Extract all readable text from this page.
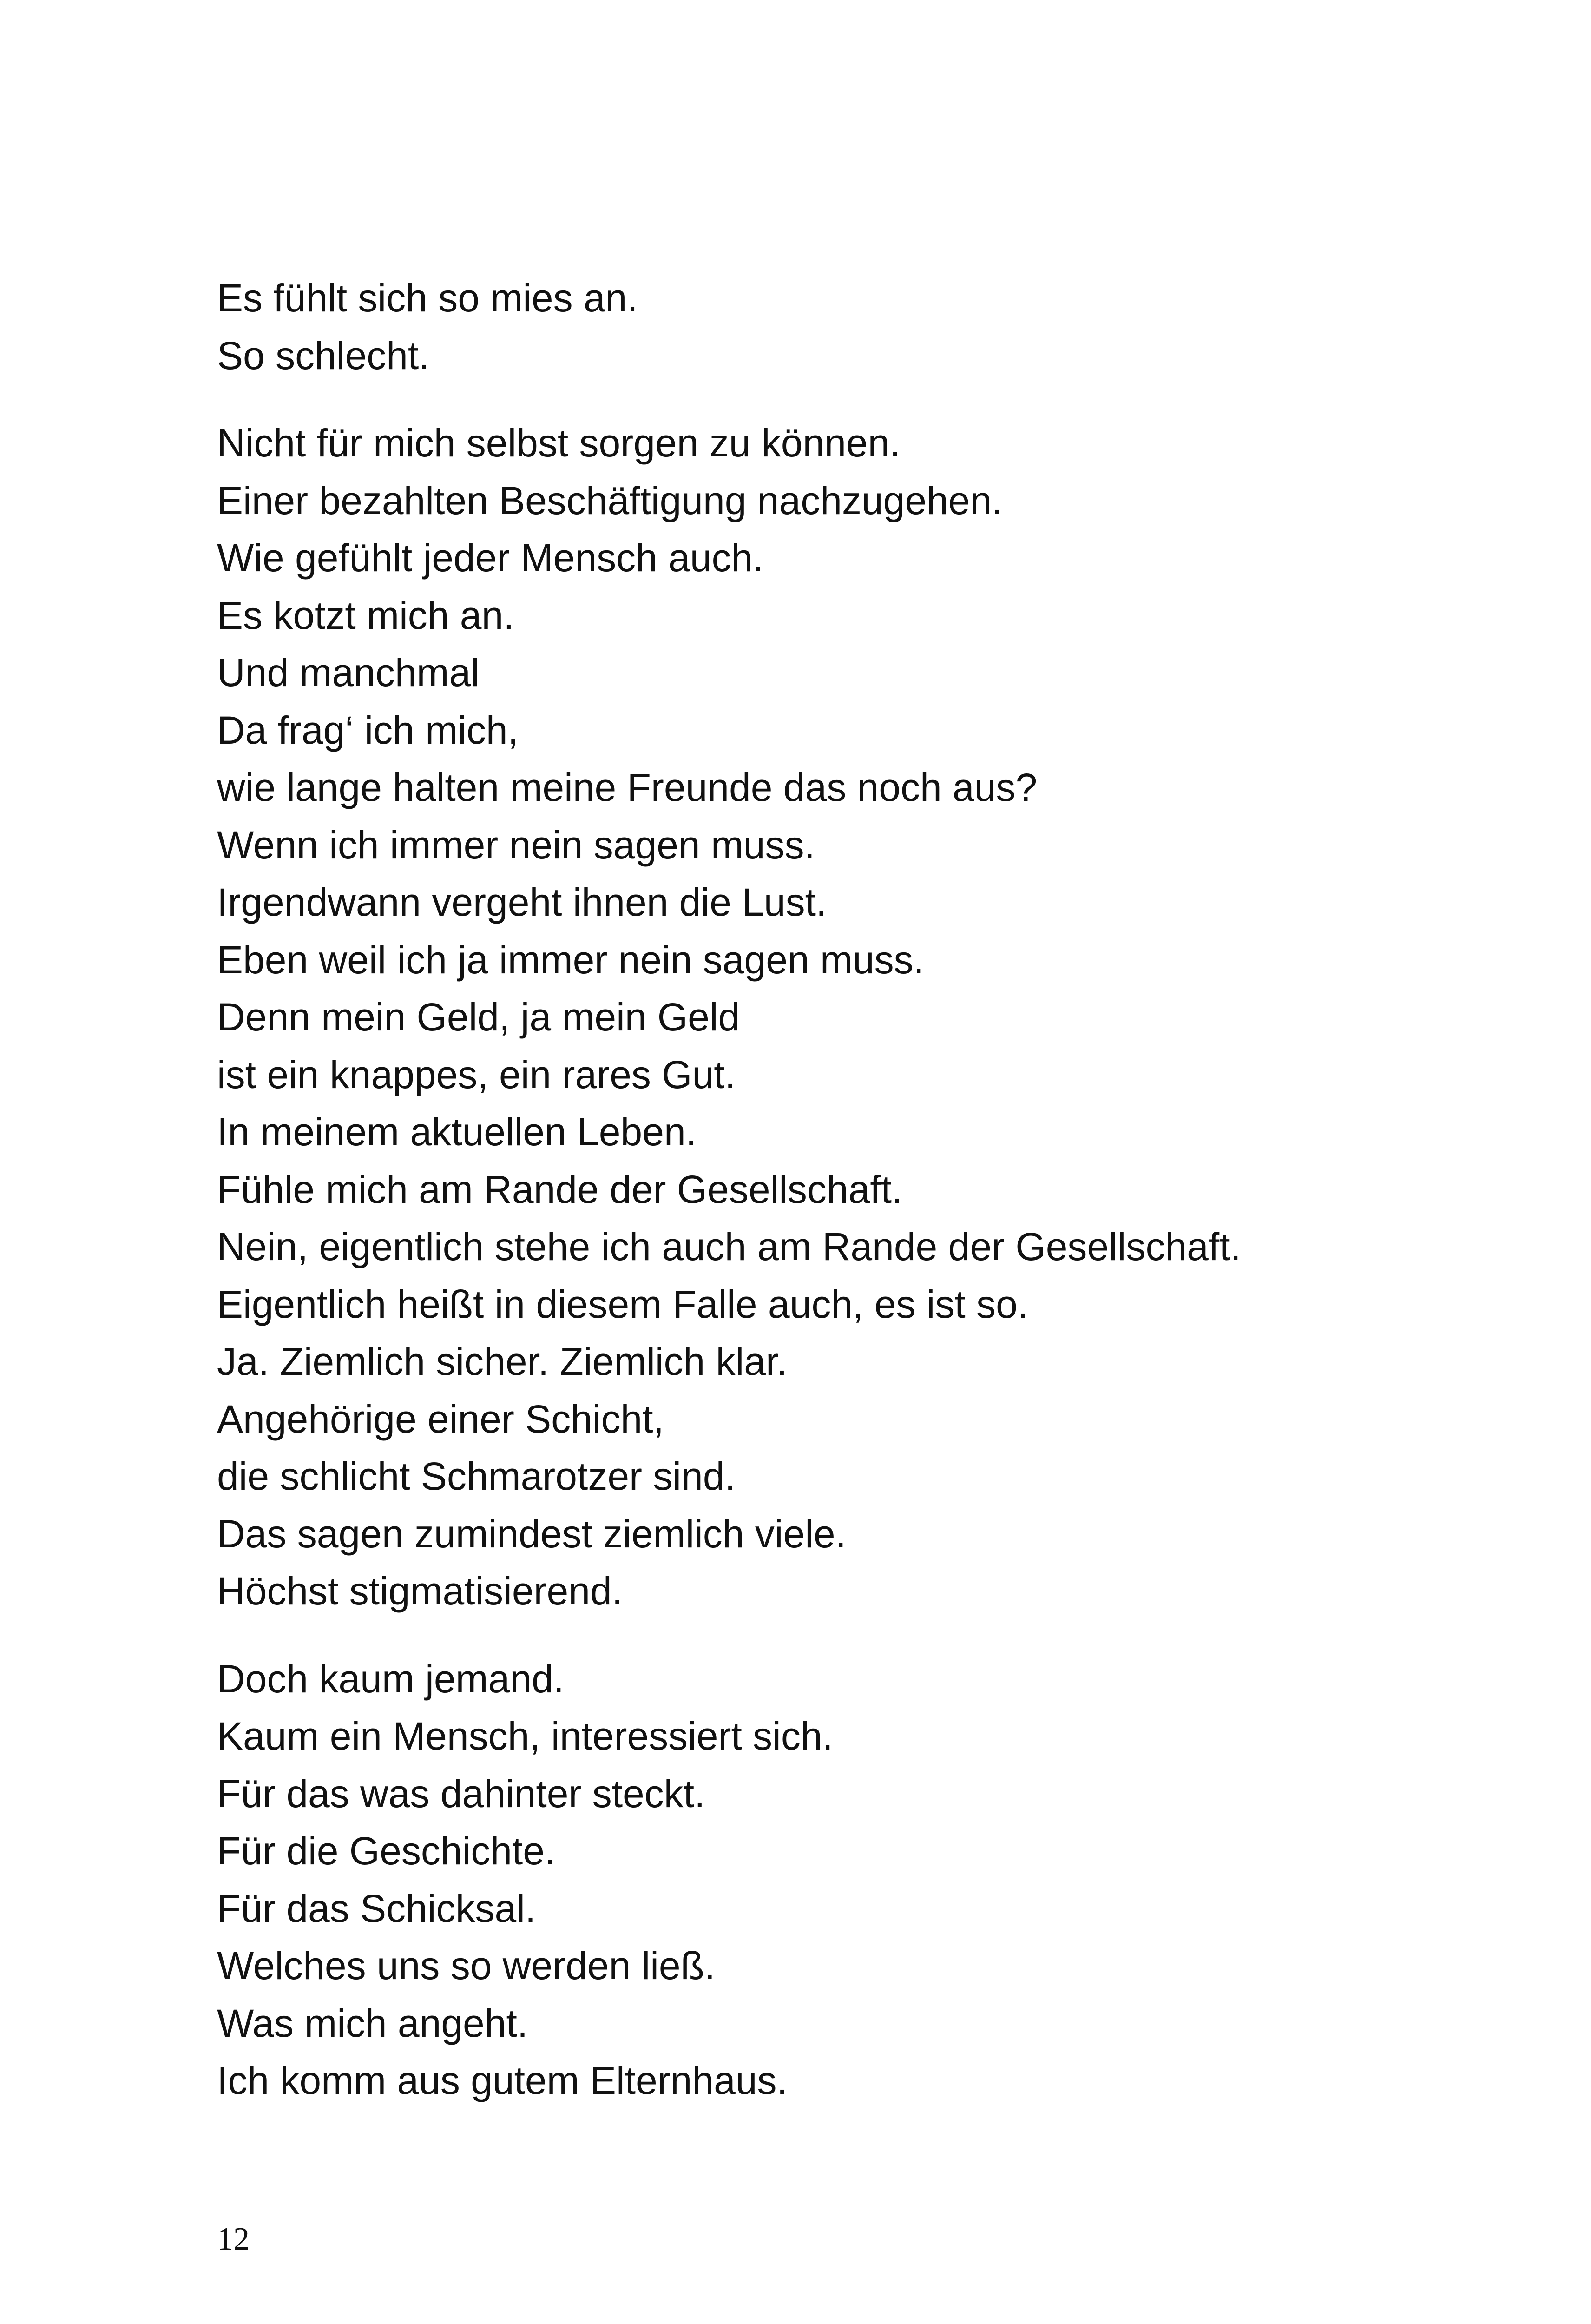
Es fühlt sich so mies an.
So schlecht.

Nicht für mich selbst sorgen zu können.
Einer bezahlten Beschäftigung nachzugehen.
Wie gefühlt jeder Mensch auch.
Es kotzt mich an.
Und manchmal
Da frag‘ ich mich,
wie lange halten meine Freunde das noch aus?
Wenn ich immer nein sagen muss.
Irgendwann vergeht ihnen die Lust.
Eben weil ich ja immer nein sagen muss.
Denn mein Geld, ja mein Geld
ist ein knappes, ein rares Gut.
In meinem aktuellen Leben.
Fühle mich am Rande der Gesellschaft.
Nein, eigentlich stehe ich auch am Rande der Gesellschaft.
Eigentlich heißt in diesem Falle auch, es ist so.
Ja. Ziemlich sicher. Ziemlich klar.
Angehörige einer Schicht,
die schlicht Schmarotzer sind.
Das sagen zumindest ziemlich viele.
Höchst stigmatisierend.

Doch kaum jemand.
Kaum ein Mensch, interessiert sich.
Für das was dahinter steckt.
Für die Geschichte.
Für das Schicksal.
Welches uns so werden ließ.
Was mich angeht.
Ich komm aus gutem Elternhaus.

12
